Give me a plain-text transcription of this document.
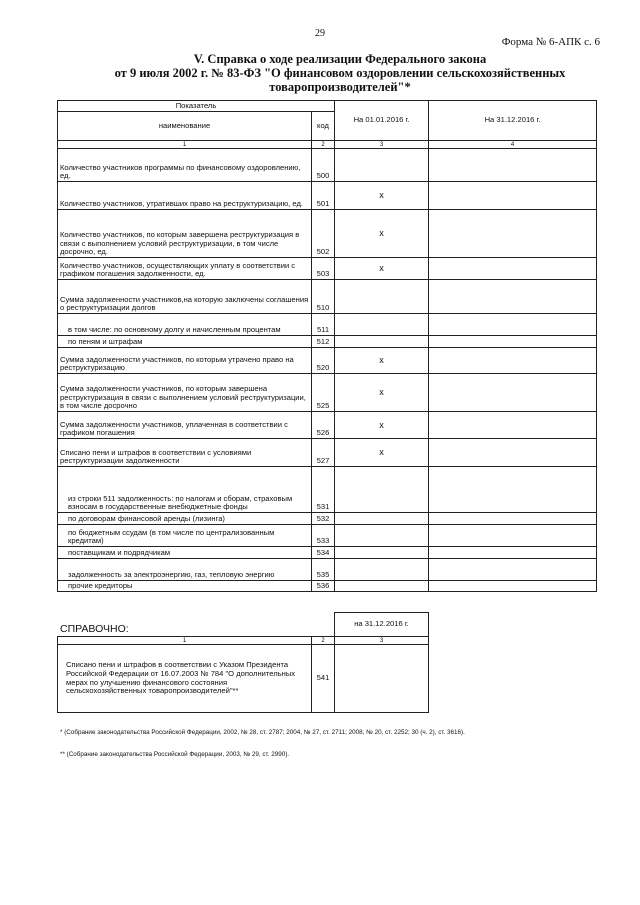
29
Форма № 6-АПК с. 6
V. Справка о ходе реализации Федерального закона
от 9 июля 2002 г. № 83-ФЗ "О финансовом оздоровлении сельскохозяйственных
товаропроизводителей"*
Показатель		На 01.01.2016 г.	На 31.12.2016 г.
наименование	код		
1	2	3	4
Количество участников программы по финансовому оздоровлению, ед.	500		
Количество участников, утративших право на реструктуризацию, ед.	501	x	
Количество участников, по которым завершена реструктуризация в связи с выполнением условий реструктуризации, в том числе досрочно, ед.	502	x	
Количество участников, осуществляющих уплату в соответствии с графиком погашения задолженности, ед.	503	x	
Сумма задолженности участников,на которую заключены соглашения о реструктуризации долгов	510		
в том числе: по основному долгу и начисленным процентам	511		
по пеням и штрафам	512		
Сумма задолженности участников, по которым утрачено право на реструктуризацию	520	x	
Сумма задолженности участников, по которым завершена реструктуризация в связи с выполнением условий реструктуризации, в том числе досрочно	525	x	
Сумма задолженности участников, уплаченная в соответствии с графиком погашения	526	x	
Списано пени и штрафов в соответствии с условиями реструктуризации задолженности	527	x	
из строки 511 задолженность: по налогам и сборам, страховым взносам в государственные внебюджетные фонды	531		
по договорам финансовой аренды (лизинга)	532		
по бюджетным ссудам (в том числе по централизованным кредитам)	533		
поставщикам и подрядчикам	534		
задолженность за электроэнергию, газ, тепловую энергию	535		
прочие кредиторы	536		
СПРАВОЧНО:
			на 31.12.2016 г.
1	2	3
Списано пени и штрафов в соответствии с Указом Президента Российской Федерации от 16.07.2003 № 784 "О дополнительных мерах по улучшению финансового состояния сельскохозяйственных товаропроизводителей"**	541	
* (Собрание законодательства Российской Федерации, 2002, № 28, ст. 2787; 2004, № 27, ст. 2711; 2008, № 20, ст. 2252; 30 (ч. 2), ст. 3616).
** (Собрание законодательства Российской Федерации, 2003, № 29, ст. 2990).
